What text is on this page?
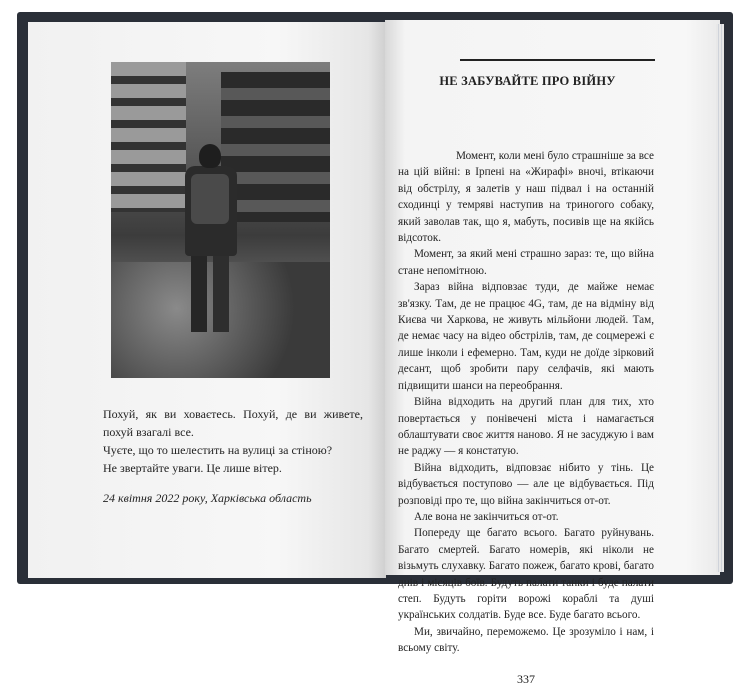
Похуй, як ви ховаєтесь. Похуй, де ви живете, похуй взагалі все.

Чуєте, що то шелестить на вулиці за стіною?

Не звертайте уваги. Це лише вітер.

24 квітня 2022 року, Харківська область

НЕ ЗАБУВАЙТЕ ПРО ВІЙНУ

Момент, коли мені було страшніше за все на цій війні: в Ірпені на «Жирафі» вночі, втікаючи від обстрілу, я залетів у наш підвал і на останній сходинці у темряві наступив на триногого собаку, який заволав так, що я, мабуть, посивів ще на якійсь відсоток.

Момент, за який мені страшно зараз: те, що війна стане непомітною.

Зараз війна відповзає туди, де майже немає зв'язку. Там, де не працює 4G, там, де на відміну від Києва чи Харкова, не живуть мільйони людей. Там, де немає часу на відео обстрілів, там, де соцмережі є лише інколи і ефемерно. Там, куди не доїде зірковий десант, щоб зробити пару селфачів, які мають підвищити шанси на переобрання.

Війна відходить на другий план для тих, хто повертається у понівечені міста і намагається облаштувати своє життя наново. Я не засуджую і вам не раджу — я констатую.

Війна відходить, відповзає нібито у тінь. Це відбувається поступово — але це відбувається. Під розповіді про те, що війна закінчиться от-от.

Але вона не закінчиться от-от.

Попереду ще багато всього. Багато руйнувань. Багато смертей. Багато номерів, які ніколи не візьмуть слухавку. Багато пожеж, багато крові, багато днів і місяців боїв. Будуть палати танки і буде палати степ. Будуть горіти ворожі кораблі та душі українських солдатів. Буде все. Буде багато всього.

Ми, звичайно, переможемо. Це зрозуміло і нам, і всьому світу.

337
